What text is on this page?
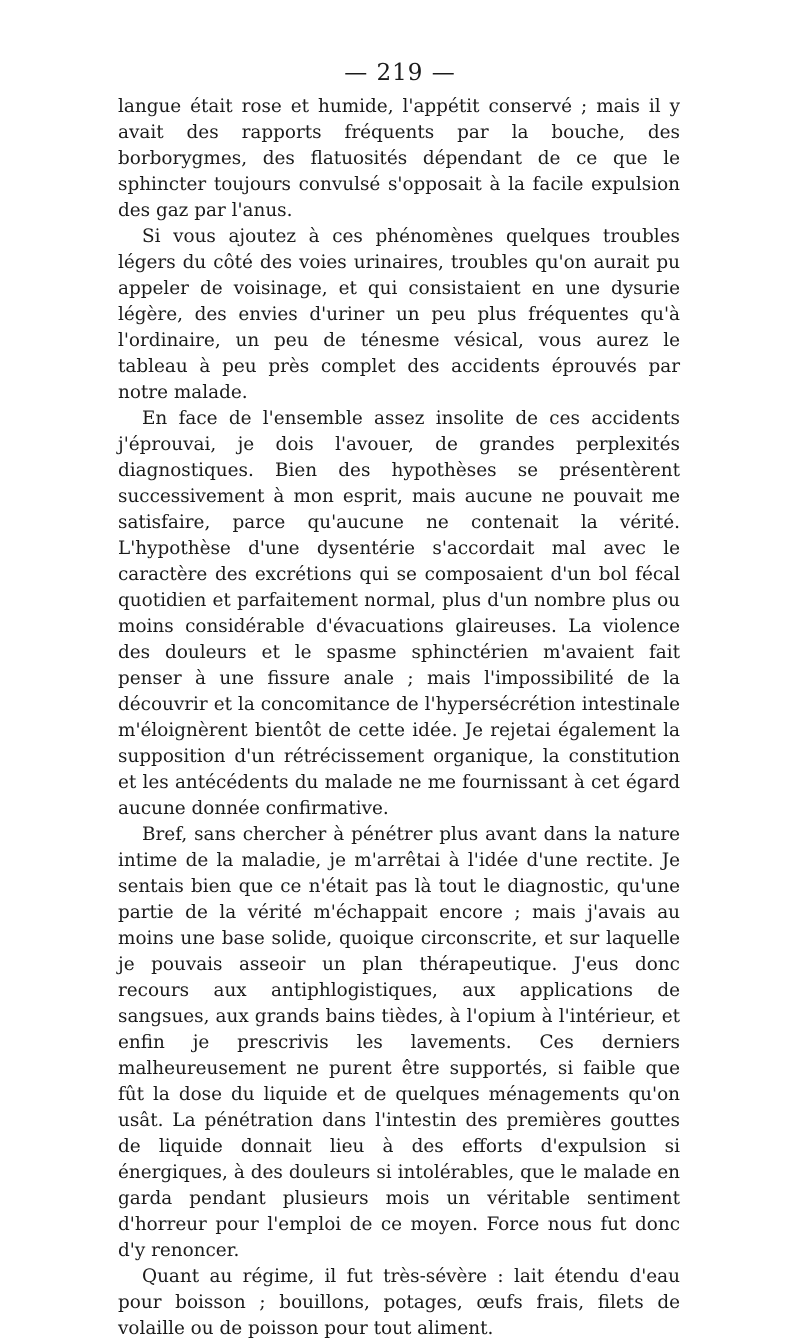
— 219 —

langue était rose et humide, l'appétit conservé ; mais il y avait des rapports fréquents par la bouche, des borborygmes, des flatuosités dépendant de ce que le sphincter toujours convulsé s'opposait à la facile expulsion des gaz par l'anus.

Si vous ajoutez à ces phénomènes quelques troubles légers du côté des voies urinaires, troubles qu'on aurait pu appeler de voisinage, et qui consistaient en une dysurie légère, des envies d'uriner un peu plus fréquentes qu'à l'ordinaire, un peu de ténesme vésical, vous aurez le tableau à peu près complet des accidents éprouvés par notre malade.

En face de l'ensemble assez insolite de ces accidents j'éprouvai, je dois l'avouer, de grandes perplexités diagnostiques. Bien des hypothèses se présentèrent successivement à mon esprit, mais aucune ne pouvait me satisfaire, parce qu'aucune ne contenait la vérité. L'hypothèse d'une dysentérie s'accordait mal avec le caractère des excrétions qui se composaient d'un bol fécal quotidien et parfaitement normal, plus d'un nombre plus ou moins considérable d'évacuations glaireuses. La violence des douleurs et le spasme sphinctérien m'avaient fait penser à une fissure anale ; mais l'impossibilité de la découvrir et la concomitance de l'hypersécrétion intestinale m'éloignèrent bientôt de cette idée. Je rejetai également la supposition d'un rétrécissement organique, la constitution et les antécédents du malade ne me fournissant à cet égard aucune donnée confirmative.

Bref, sans chercher à pénétrer plus avant dans la nature intime de la maladie, je m'arrêtai à l'idée d'une rectite. Je sentais bien que ce n'était pas là tout le diagnostic, qu'une partie de la vérité m'échappait encore ; mais j'avais au moins une base solide, quoique circonscrite, et sur laquelle je pouvais asseoir un plan thérapeutique. J'eus donc recours aux antiphlogistiques, aux applications de sangsues, aux grands bains tièdes, à l'opium à l'intérieur, et enfin je prescrivis les lavements. Ces derniers malheureusement ne purent être supportés, si faible que fût la dose du liquide et de quelques ménagements qu'on usât. La pénétration dans l'intestin des premières gouttes de liquide donnait lieu à des efforts d'expulsion si énergiques, à des douleurs si intolérables, que le malade en garda pendant plusieurs mois un véritable sentiment d'horreur pour l'emploi de ce moyen. Force nous fut donc d'y renoncer.

Quant au régime, il fut très-sévère : lait étendu d'eau pour boisson ; bouillons, potages, œufs frais, filets de volaille ou de poisson pour tout aliment.
